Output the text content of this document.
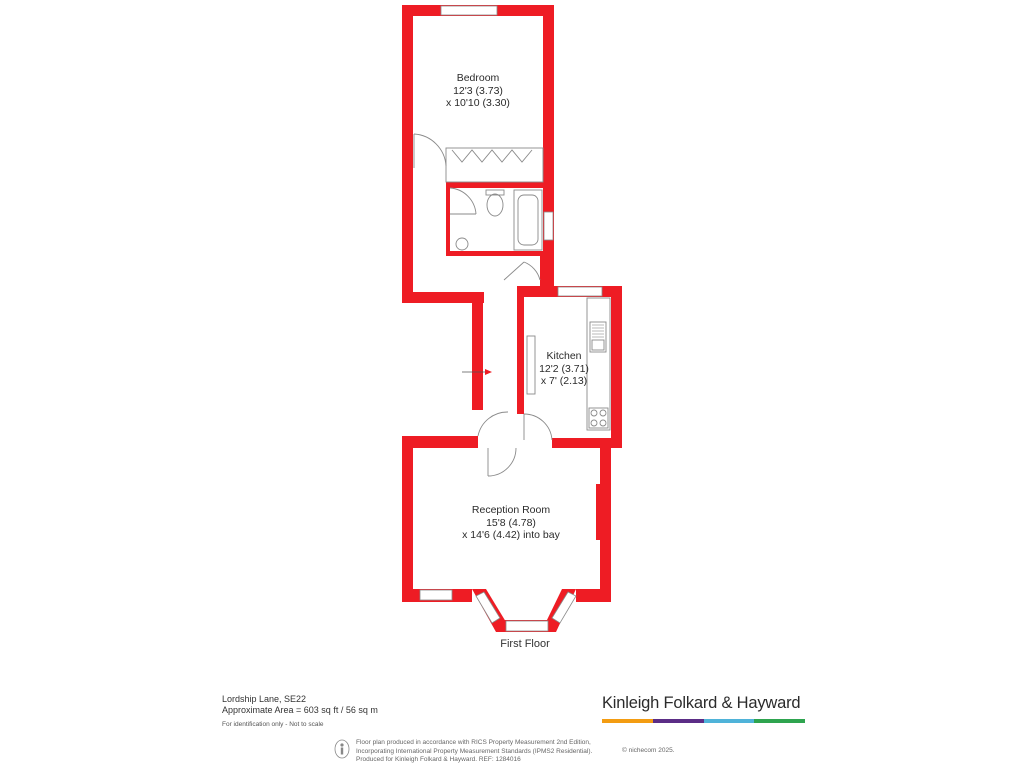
Bedroom
12'3 (3.73)
x 10'10 (3.30)
Kitchen
12'2 (3.71)
x 7' (2.13)
Reception Room
15'8 (4.78)
x 14'6 (4.42) into bay
First Floor
Lordship Lane, SE22
Approximate Area = 603 sq ft / 56 sq m
For identification only - Not to scale
Kinleigh Folkard & Hayward
Floor plan produced in accordance with RICS Property Measurement 2nd Edition,
Incorporating International Property Measurement Standards (IPMS2 Residential).
Produced for Kinleigh Folkard & Hayward. REF: 1284016
© nichecom 2025.
